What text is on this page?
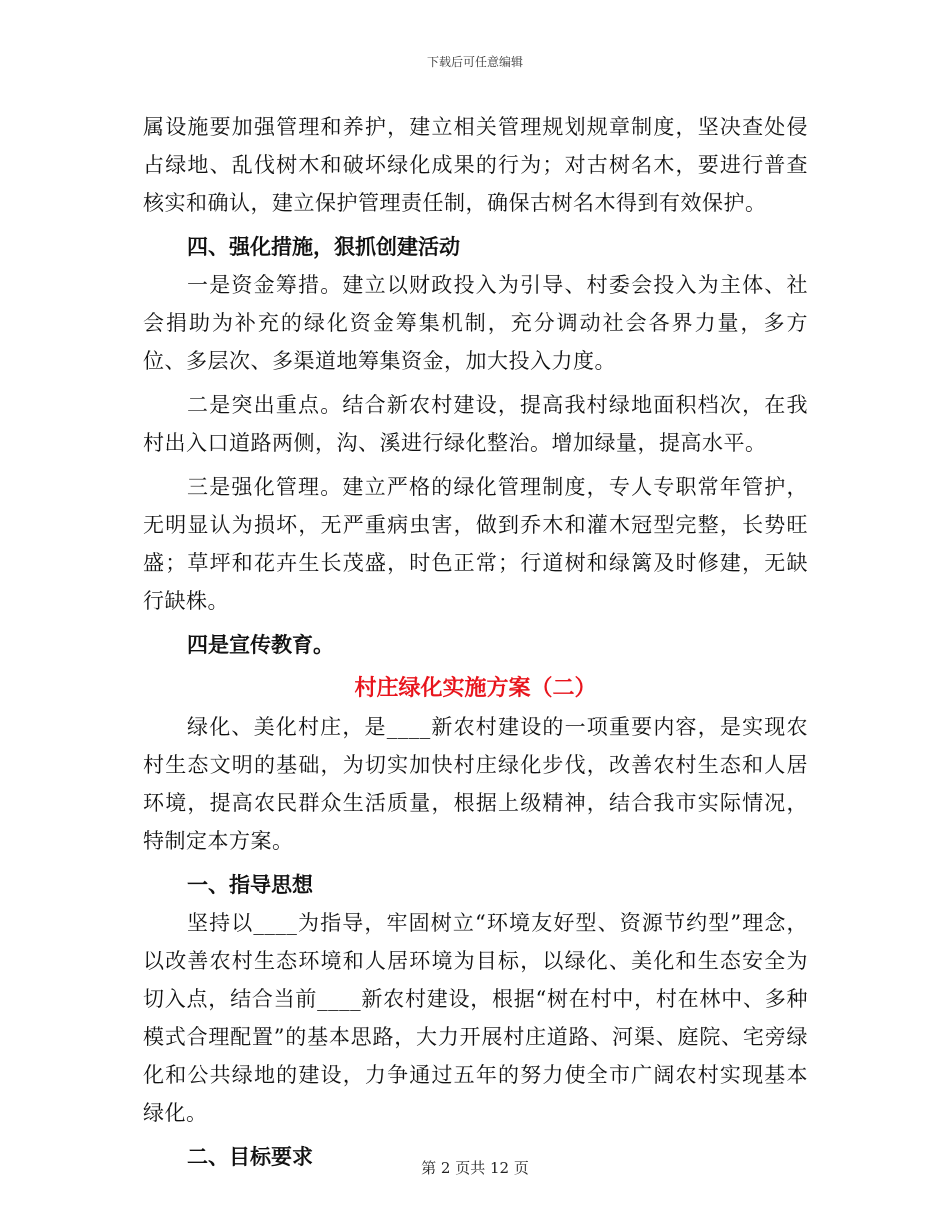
下载后可任意编辑

属设施要加强管理和养护，建立相关管理规划规章制度，坚决查处侵占绿地、乱伐树木和破坏绿化成果的行为；对古树名木，要进行普查核实和确认，建立保护管理责任制，确保古树名木得到有效保护。

四、强化措施，狠抓创建活动

一是资金筹措。建立以财政投入为引导、村委会投入为主体、社会捐助为补充的绿化资金筹集机制，充分调动社会各界力量，多方位、多层次、多渠道地筹集资金，加大投入力度。

二是突出重点。结合新农村建设，提高我村绿地面积档次，在我村出入口道路两侧，沟、溪进行绿化整治。增加绿量，提高水平。

三是强化管理。建立严格的绿化管理制度，专人专职常年管护，无明显认为损坏，无严重病虫害，做到乔木和灌木冠型完整，长势旺盛；草坪和花卉生长茂盛，时色正常；行道树和绿篱及时修建，无缺行缺株。

四是宣传教育。

村庄绿化实施方案（二）

绿化、美化村庄，是____新农村建设的一项重要内容，是实现农村生态文明的基础，为切实加快村庄绿化步伐，改善农村生态和人居环境，提高农民群众生活质量，根据上级精神，结合我市实际情况，特制定本方案。

一、指导思想

坚持以____为指导，牢固树立“环境友好型、资源节约型”理念，以改善农村生态环境和人居环境为目标，以绿化、美化和生态安全为切入点，结合当前____新农村建设，根据“树在村中，村在林中、多种模式合理配置”的基本思路，大力开展村庄道路、河渠、庭院、宅旁绿化和公共绿地的建设，力争通过五年的努力使全市广阔农村实现基本绿化。

二、目标要求	第 2 页共 12 页
